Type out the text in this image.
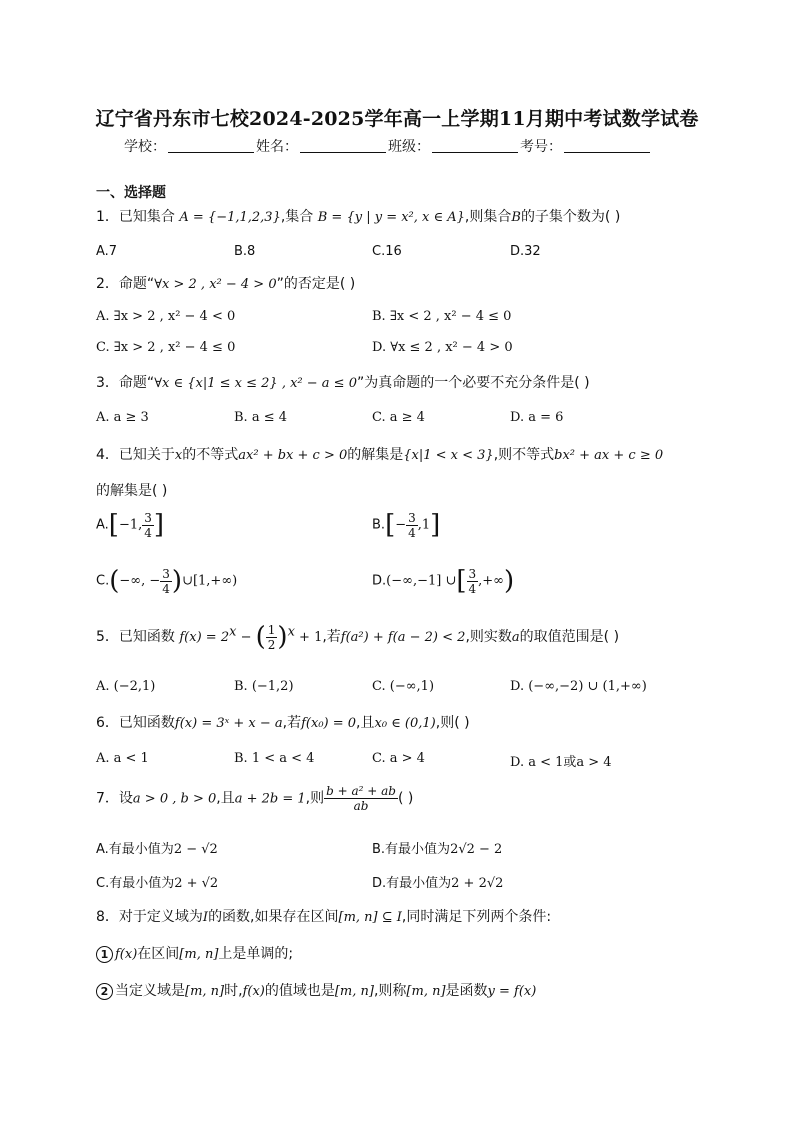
辽宁省丹东市七校2024-2025学年高一上学期11月期中考试数学试卷
学校：	姓名：	班级：	考号：
一、选择题
1．已知集合 A = {−1,1,2,3},集合 B = {y | y = x², x ∈ A},则集合B的子集个数为( )
A.7	B.8	C.16	D.32
2．命题“∀x > 2 , x² − 4 > 0”的否定是( )
A. ∃x > 2 , x² − 4 < 0	B. ∃x < 2 , x² − 4 ≤ 0
C. ∃x > 2 , x² − 4 ≤ 0	D. ∀x ≤ 2 , x² − 4 > 0
3．命题“∀x ∈ {x|1 ≤ x ≤ 2} , x² − a ≤ 0”为真命题的一个必要不充分条件是( )
A. a ≥ 3	B. a ≤ 4	C. a ≥ 4	D. a = 6
4．已知关于x的不等式ax² + bx + c > 0的解集是{x|1 < x < 3},则不等式bx² + ax + c ≥ 0
的解集是( )
A.[−1, $\frac{3}{4}$ ]	$B.[- \frac{3}{4} ,1]$
C.(−∞, − $\frac{3}{4}$ )∪[1,+∞)	D.(−∞,−1] ∪[ $\frac{3}{4}$ ,+∞)
5．已知函数 $f(x) = 2^x$ − ( $\frac{1}{2} )^x + 1$,若f(a²) + f(a − 2) < 2,则实数a的取值范围是( )
A. (−2,1)	B. (−1,2)	C. (−∞,1)	D. (−∞,−2) ∪ (1,+∞)
6．已知函数f(x) = 3ˣ + x − a,若f(x₀) = 0,且x₀ ∈ (0,1),则( )
A. a < 1	B. 1 < a < 4	C. a > 4	D. a < 1或a > 4
7．设a > 0 , b > 0,且a + 2b = 1,则 $\frac{\text{b + a² + ab}}{ab}$ ( )
A.有最小值为2 − √2	B.有最小值为2√2 − 2
C.有最小值为2 + √2	D.有最小值为2 + 2√2
8．对于定义域为I的函数,如果存在区间[m, n] ⊆ I,同时满足下列两个条件:
1 f(x)在区间[m, n]上是单调的;
2 当定义域是[m, n]时,f(x)的值域也是[m, n],则称[m, n]是函数y = f(x)
